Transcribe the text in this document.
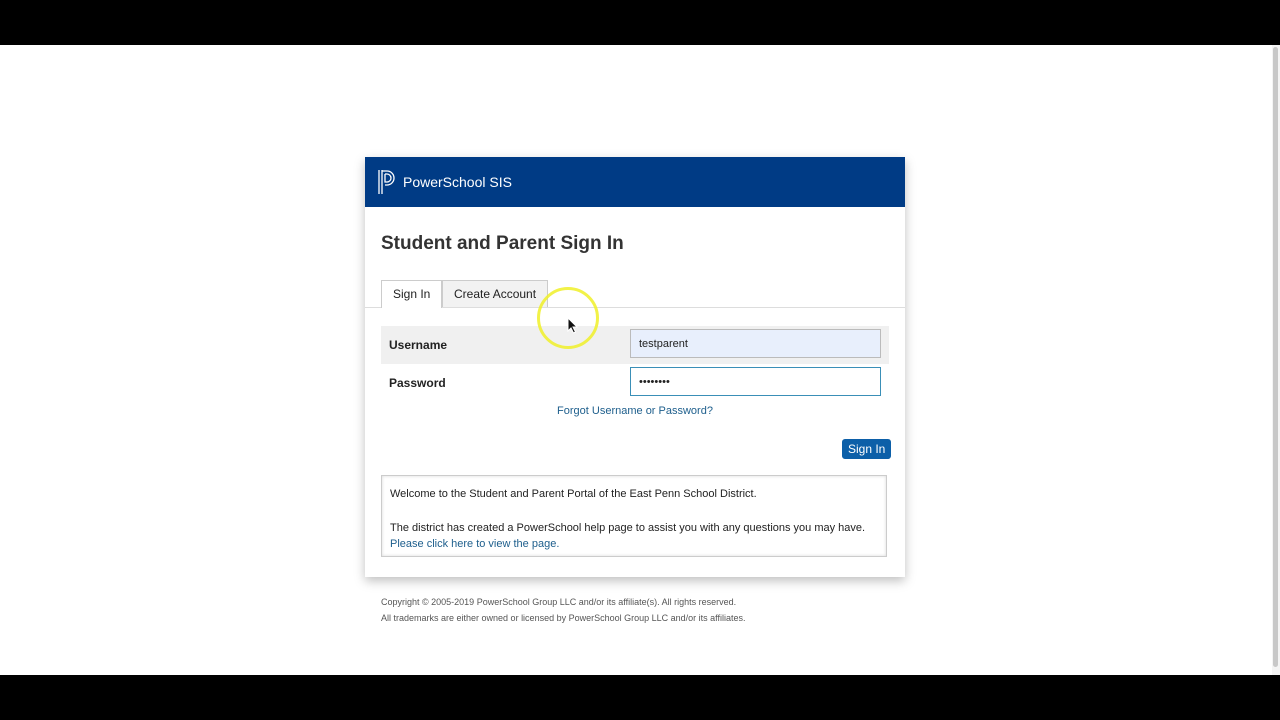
PowerSchool SIS
Student and Parent Sign In
Sign In	Create Account
Username
testparent
Password
••••••••
Forgot Username or Password?
Sign In

Welcome to the Student and Parent Portal of the East Penn School District.

The district has created a PowerSchool help page to assist you with any questions you may have. Please click here to view the page.

Copyright © 2005-2019 PowerSchool Group LLC and/or its affiliate(s). All rights reserved.
All trademarks are either owned or licensed by PowerSchool Group LLC and/or its affiliates.
